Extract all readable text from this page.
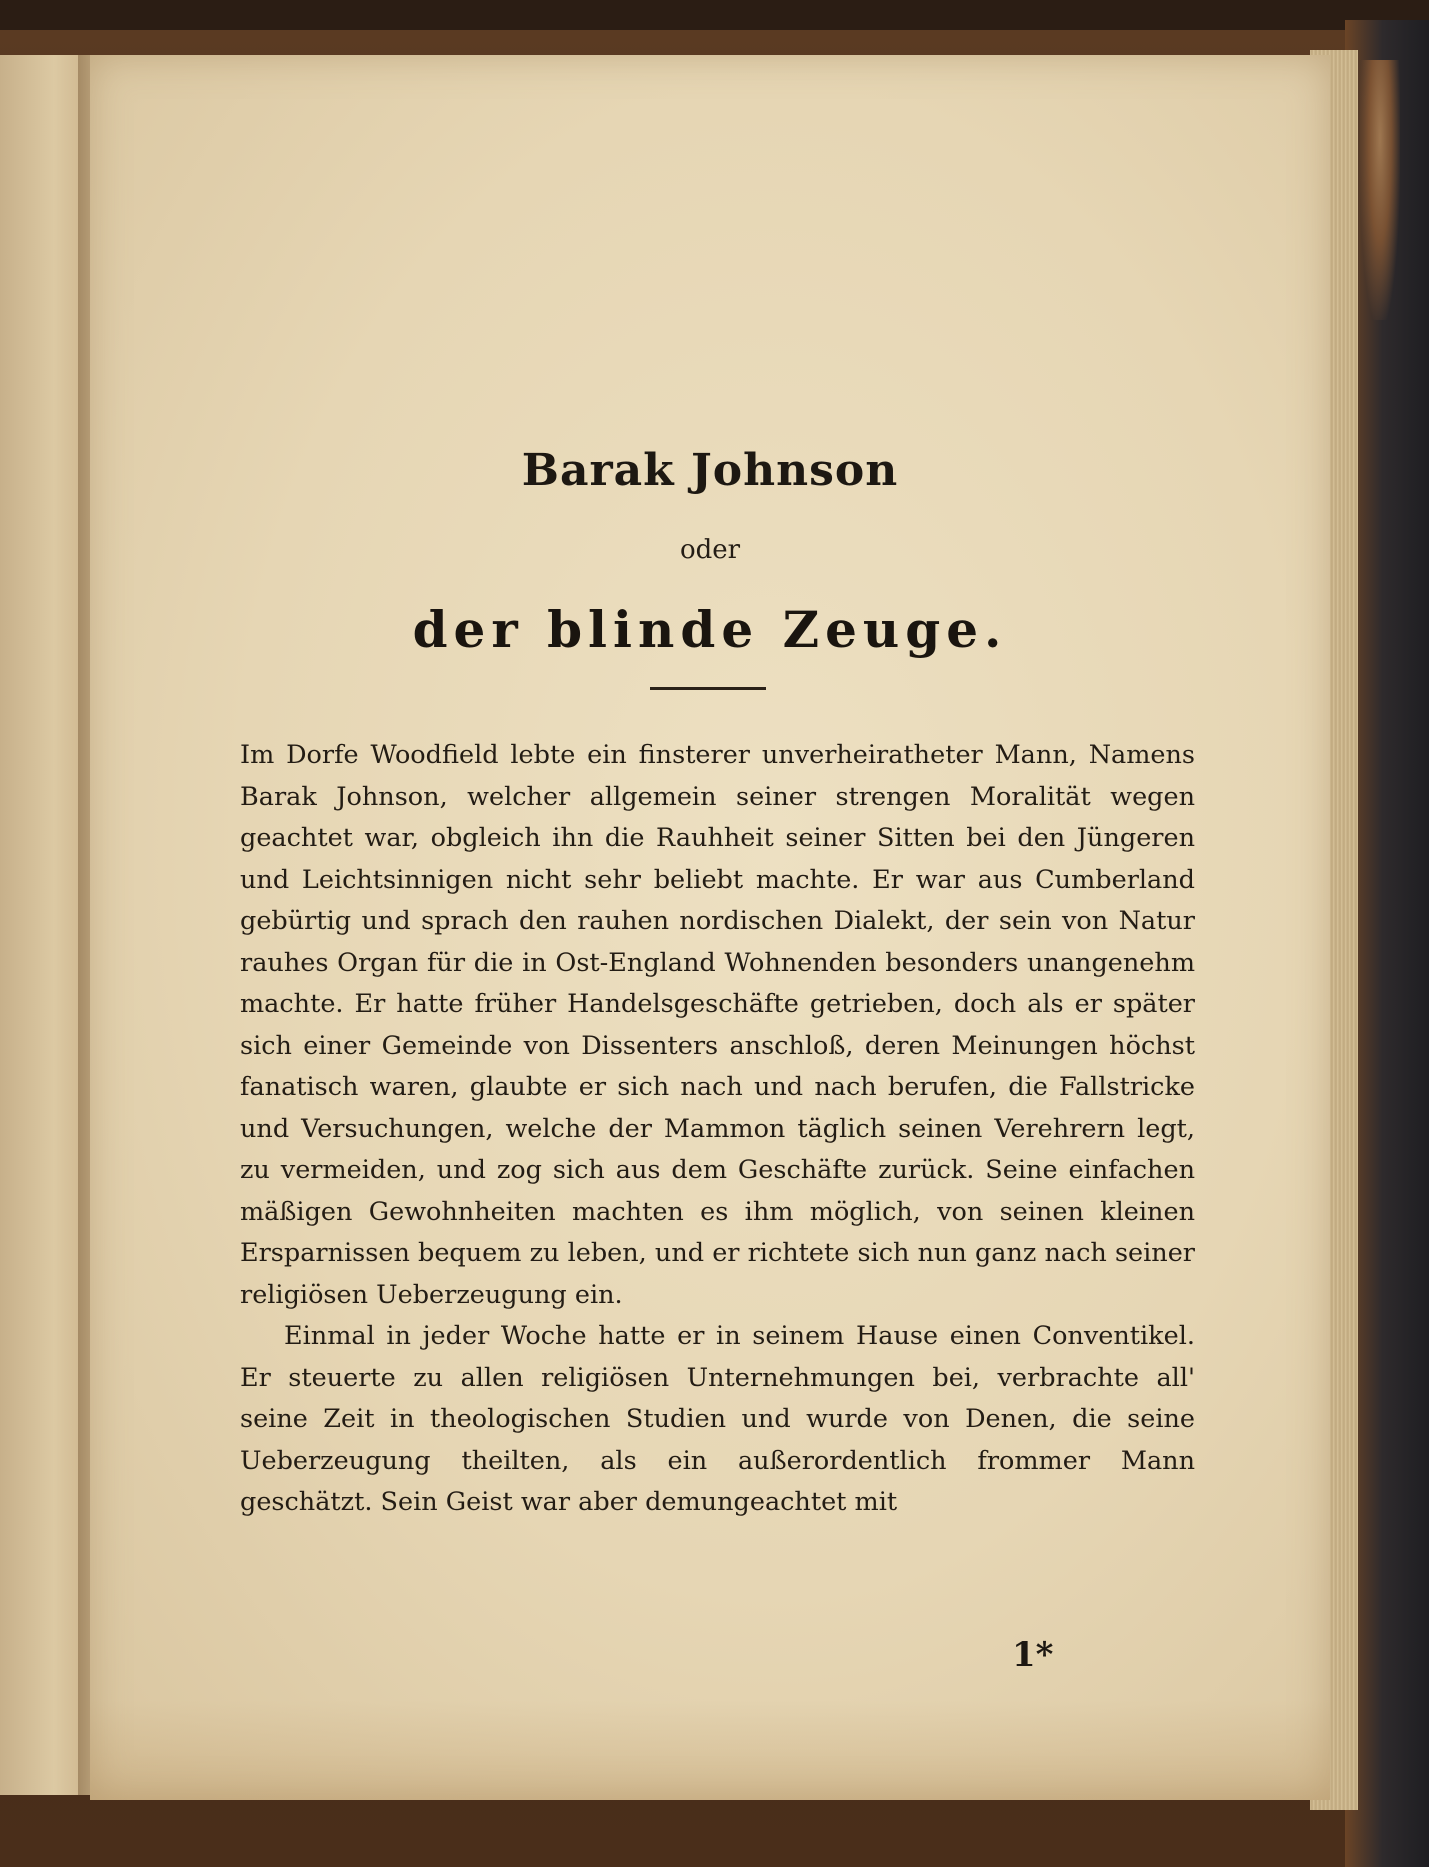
Barak Johnson
oder
der blinde Zeuge.

Im Dorfe Woodfield lebte ein finsterer unverheiratheter Mann, Namens Barak Johnson, welcher allgemein seiner strengen Moralität wegen geachtet war, obgleich ihn die Rauhheit seiner Sitten bei den Jüngeren und Leichtsinnigen nicht sehr beliebt machte. Er war aus Cumberland gebürtig und sprach den rauhen nordischen Dialekt, der sein von Natur rauhes Organ für die in Ost-England Wohnenden besonders unangenehm machte. Er hatte früher Handelsgeschäfte getrieben, doch als er später sich einer Gemeinde von Dissenters anschloß, deren Meinungen höchst fanatisch waren, glaubte er sich nach und nach berufen, die Fallstricke und Versuchungen, welche der Mammon täglich seinen Verehrern legt, zu vermeiden, und zog sich aus dem Geschäfte zurück. Seine einfachen mäßigen Gewohnheiten machten es ihm möglich, von seinen kleinen Ersparnissen bequem zu leben, und er richtete sich nun ganz nach seiner religiösen Ueberzeugung ein.

Einmal in jeder Woche hatte er in seinem Hause einen Conventikel. Er steuerte zu allen religiösen Unternehmungen bei, verbrachte all' seine Zeit in theologischen Studien und wurde von Denen, die seine Ueberzeugung theilten, als ein außerordentlich frommer Mann geschätzt. Sein Geist war aber demungeachtet mit

1*
